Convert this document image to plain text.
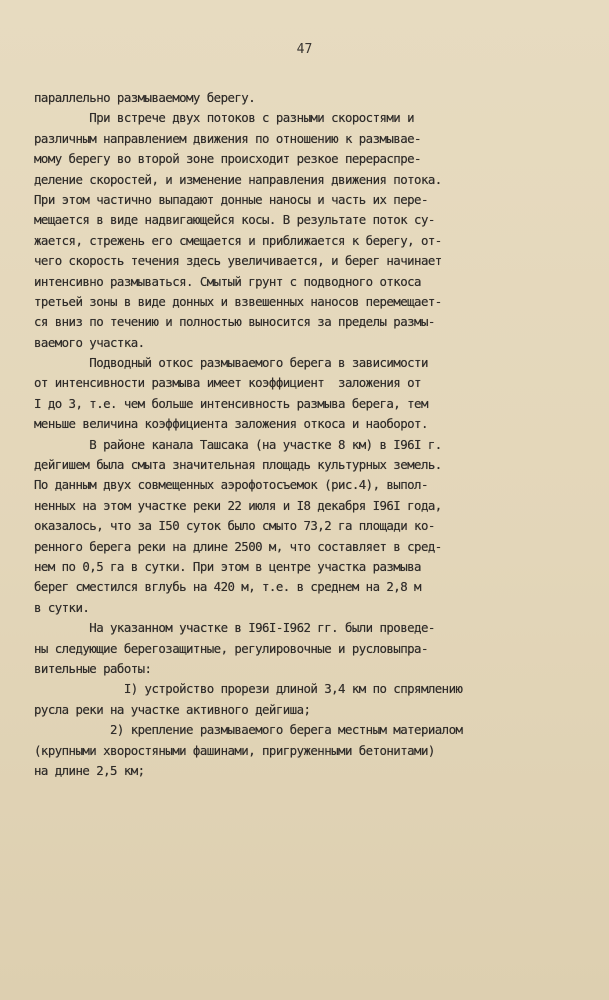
47
параллельно размываемому берегу.
При встрече двух потоков с разными скоростями и
различным направлением движения по отношению к размывае-
мому берегу во второй зоне происходит резкое перераспре-
деление скоростей, и изменение направления движения потока.
При этом частично выпадают донные наносы и часть их пере-
мещается в виде надвигающейся косы. В результате поток су-
жается, стрежень его смещается и приближается к берегу, от-
чего скорость течения здесь увеличивается, и берег начинает
интенсивно размываться. Смытый грунт с подводного откоса
третьей зоны в виде донных и взвешенных наносов перемещает-
ся вниз по течению и полностью выносится за пределы размы-
ваемого участка.
Подводный откос размываемого берега в зависимости
от интенсивности размыва имеет коэффициент  заложения от
I до 3, т.е. чем больше интенсивность размыва берега, тем
меньше величина коэффициента заложения откоса и наоборот.
В районе канала Ташсака (на участке 8 км) в I96I г.
дейгишем была смыта значительная площадь культурных земель.
По данным двух совмещенных аэрофотосъемок (рис.4), выпол-
ненных на этом участке реки 22 июля и I8 декабря I96I года,
оказалось, что за I50 суток было смыто 73,2 га площади ко-
ренного берега реки на длине 2500 м, что составляет в сред-
нем по 0,5 га в сутки. При этом в центре участка размыва
берег сместился вглубь на 420 м, т.е. в среднем на 2,8 м
в сутки.
На указанном участке в I96I-I962 гг. были проведе-
ны следующие берегозащитные, регулировочные и русловыпра-
вительные работы:
I) устройство прорези длиной 3,4 км по спрямлению
русла реки на участке активного дейгиша;
2) крепление размываемого берега местным материалом
(крупными хворостяными фашинами, пригруженными бетонитами)
на длине 2,5 км;
